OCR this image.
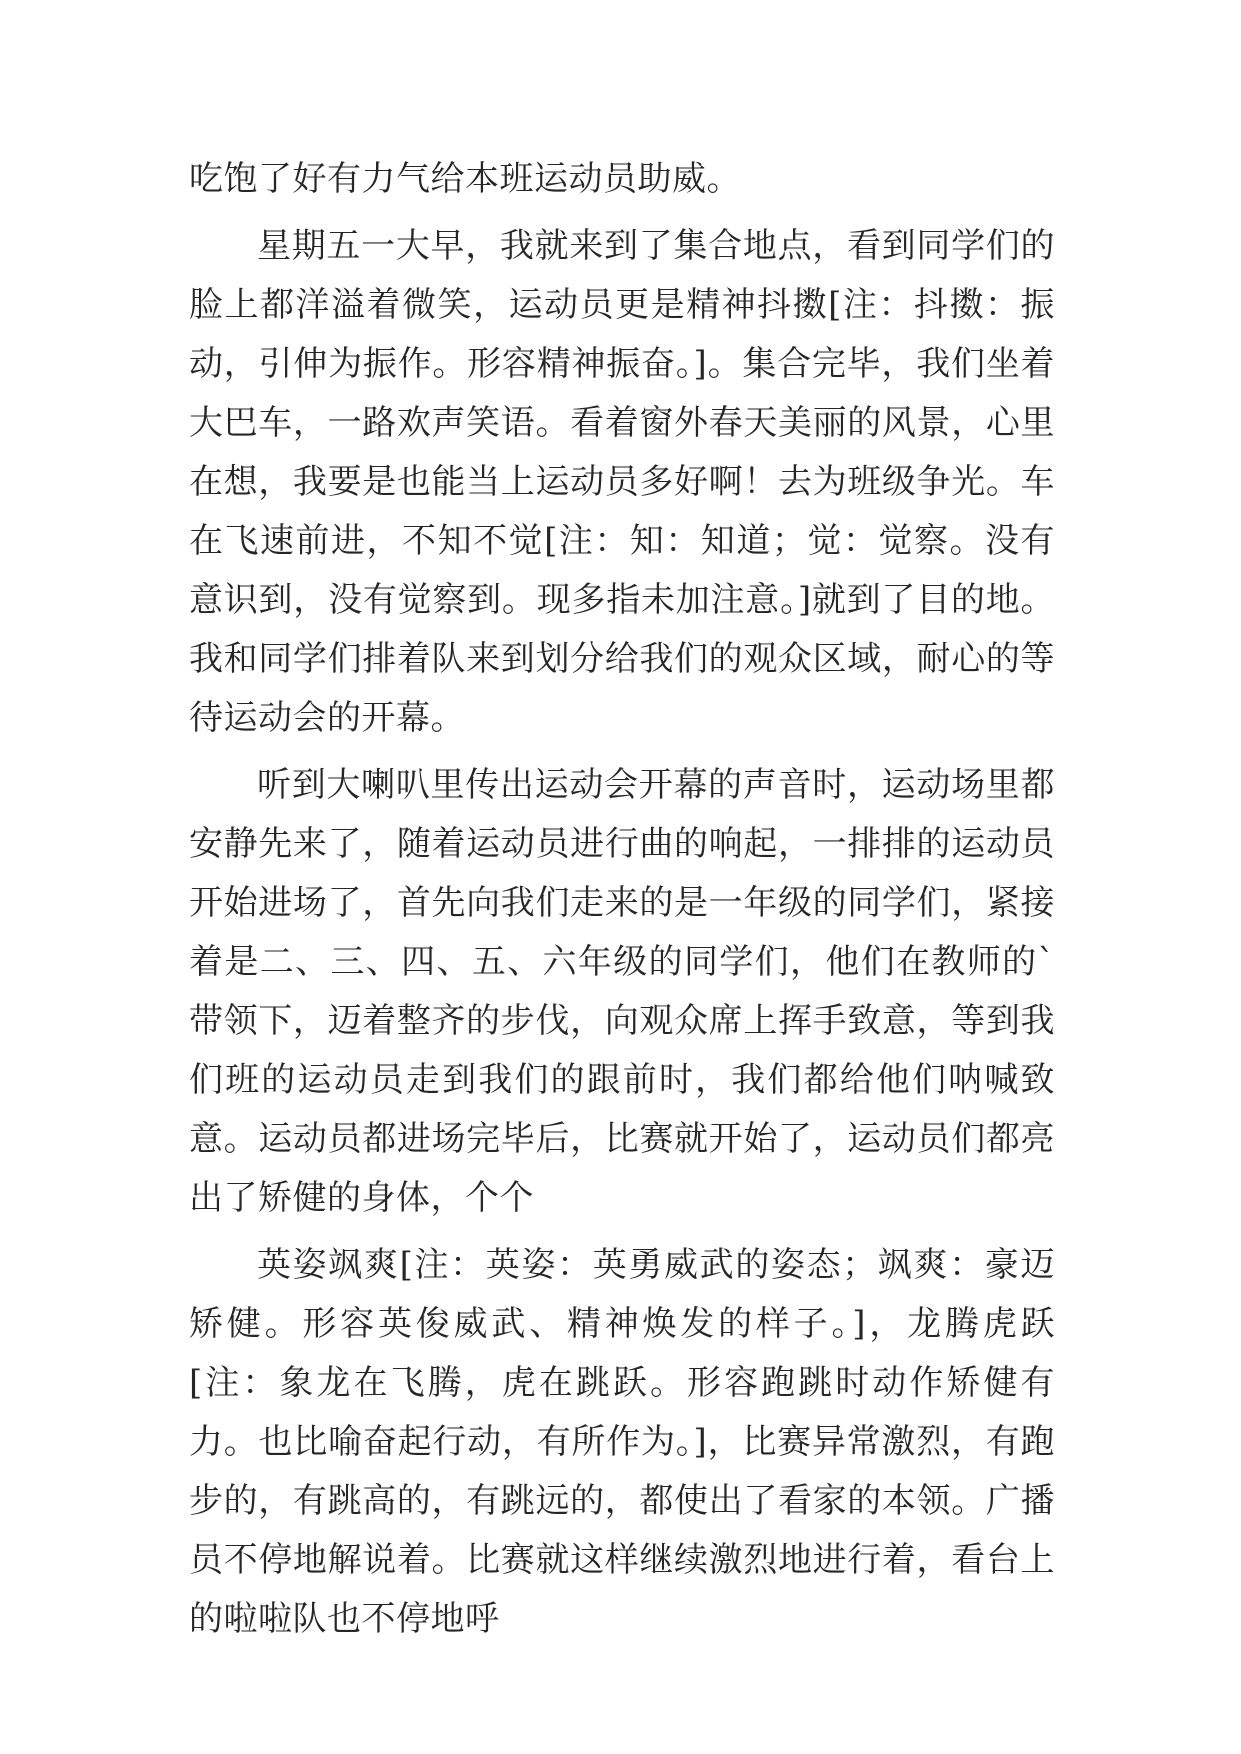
吃饱了好有力气给本班运动员助威。

星期五一大早，我就来到了集合地点，看到同学们的脸上都洋溢着微笑，运动员更是精神抖擞[注：抖擞：振动，引伸为振作。形容精神振奋。]。集合完毕，我们坐着大巴车，一路欢声笑语。看着窗外春天美丽的风景，心里在想，我要是也能当上运动员多好啊！去为班级争光。车在飞速前进，不知不觉[注：知：知道；觉：觉察。没有意识到，没有觉察到。现多指未加注意。]就到了目的地。我和同学们排着队来到划分给我们的观众区域，耐心的等待运动会的开幕。

听到大喇叭里传出运动会开幕的声音时，运动场里都安静先来了，随着运动员进行曲的响起，一排排的运动员开始进场了，首先向我们走来的是一年级的同学们，紧接着是二、三、四、五、六年级的同学们，他们在教师的`带领下，迈着整齐的步伐，向观众席上挥手致意，等到我们班的运动员走到我们的跟前时，我们都给他们呐喊致意。运动员都进场完毕后，比赛就开始了，运动员们都亮出了矫健的身体，个个

英姿飒爽[注：英姿：英勇威武的姿态；飒爽：豪迈矫健。形容英俊威武、精神焕发的样子。]，龙腾虎跃[注：象龙在飞腾，虎在跳跃。形容跑跳时动作矫健有力。也比喻奋起行动，有所作为。]，比赛异常激烈，有跑步的，有跳高的，有跳远的，都使出了看家的本领。广播员不停地解说着。比赛就这样继续激烈地进行着，看台上的啦啦队也不停地呼
